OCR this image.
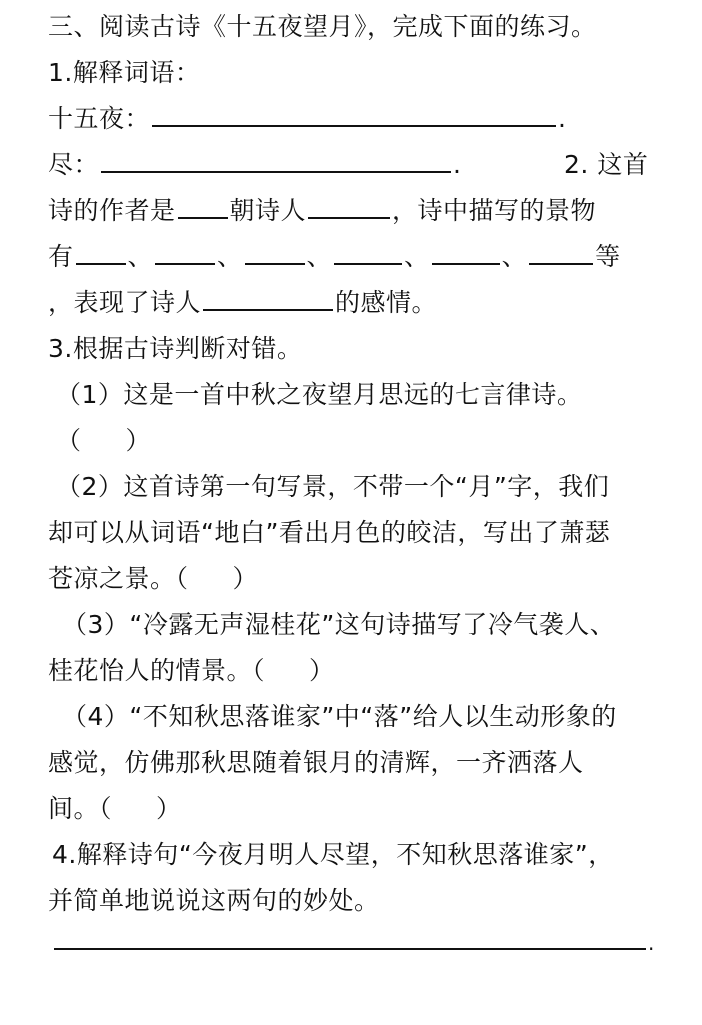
三、阅读古诗《十五夜望月》，完成下面的练习。
1.解释词语：
十五夜：	.
尽：	.	2. 这首
诗的作者是 朝诗人	，诗中描写的景物
有 、	、	、	、	、	等
，表现了诗人	的感情。
3.根据古诗判断对错。
（1）这是一首中秋之夜望月思远的七言律诗。
（ ）
（2）这首诗第一句写景，不带一个“月”字，我们
却可以从词语“地白”看出月色的皎洁，写出了萧瑟
苍凉之景。（ ）
（3）“冷露无声湿桂花”这句诗描写了冷气袭人、
桂花怡人的情景。（ ）
（4）“不知秋思落谁家”中“落”给人以生动形象的
感觉，仿佛那秋思随着银月的清辉，一齐洒落人
间。（ ）
4.解释诗句“今夜月明人尽望，不知秋思落谁家”，
并简单地说说这两句的妙处。
.
